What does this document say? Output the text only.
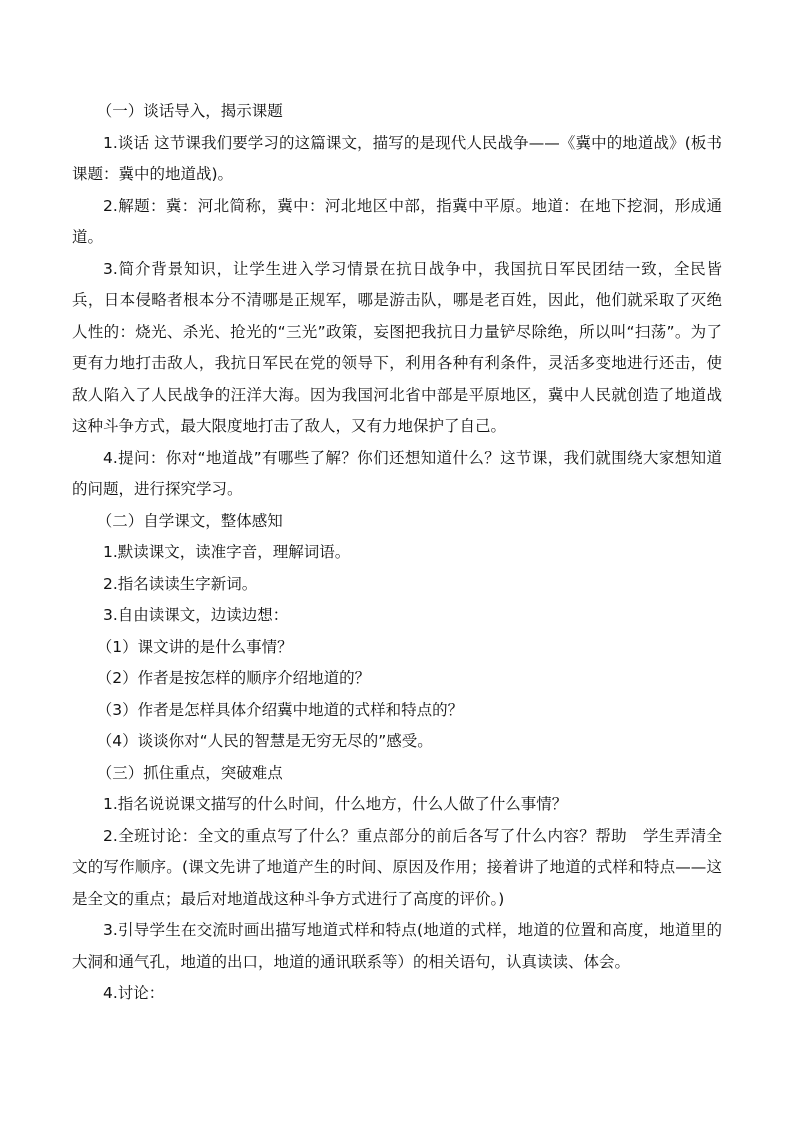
（一）谈话导入，揭示课题

1.谈话 这节课我们要学习的这篇课文，描写的是现代人民战争——《冀中的地道战》(板书课题：冀中的地道战)。

2.解题：冀：河北简称，冀中：河北地区中部，指冀中平原。地道：在地下挖洞，形成通道。

3.简介背景知识，让学生进入学习情景在抗日战争中，我国抗日军民团结一致，全民皆兵，日本侵略者根本分不清哪是正规军，哪是游击队，哪是老百姓，因此，他们就采取了灭绝人性的：烧光、杀光、抢光的“三光”政策，妄图把我抗日力量铲尽除绝，所以叫“扫荡”。为了更有力地打击敌人，我抗日军民在党的领导下，利用各种有利条件，灵活多变地进行还击，使敌人陷入了人民战争的汪洋大海。因为我国河北省中部是平原地区，冀中人民就创造了地道战这种斗争方式，最大限度地打击了敌人，又有力地保护了自己。

4.提问：你对“地道战”有哪些了解？你们还想知道什么？这节课，我们就围绕大家想知道的问题，进行探究学习。

（二）自学课文，整体感知

1.默读课文，读准字音，理解词语。

2.指名读读生字新词。

3.自由读课文，边读边想：

（1）课文讲的是什么事情？

（2）作者是按怎样的顺序介绍地道的？

（3）作者是怎样具体介绍冀中地道的式样和特点的？

（4）谈谈你对“人民的智慧是无穷无尽的”感受。

（三）抓住重点，突破难点

1.指名说说课文描写的什么时间，什么地方，什么人做了什么事情？

2.全班讨论：全文的重点写了什么？重点部分的前后各写了什么内容？帮助　学生弄清全文的写作顺序。(课文先讲了地道产生的时间、原因及作用；接着讲了地道的式样和特点——这是全文的重点；最后对地道战这种斗争方式进行了高度的评价。)

3.引导学生在交流时画出描写地道式样和特点(地道的式样，地道的位置和高度，地道里的大洞和通气孔，地道的出口，地道的通讯联系等）的相关语句，认真读读、体会。

4.讨论：
